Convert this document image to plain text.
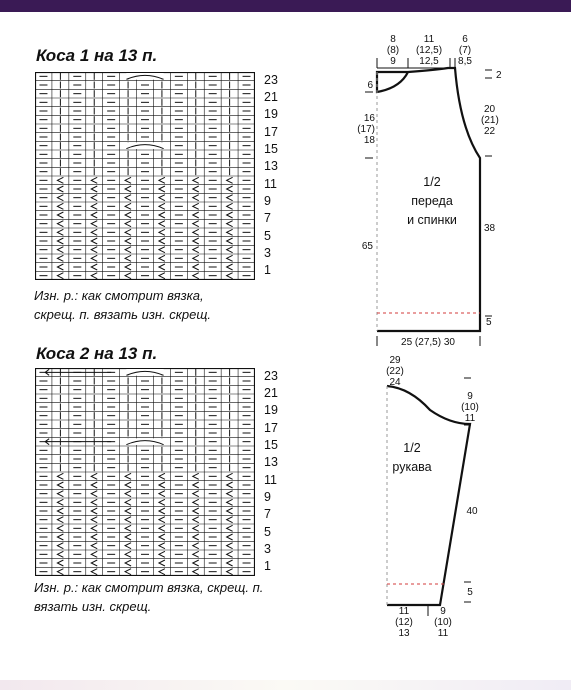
Коса 1 на 13 п.
23
21
19
17
15
13
11
9
7
5
3
1
Изн. р.: как смотрит вязка,
скрещ. п. вязать изн. скрещ.
Коса 2 на 13 п.
23
21
19
17
15
13
11
9
7
5
3
1
Изн. р.: как смотрит вязка, скрещ. п.
вязать изн. скрещ.
8
(8)
9
11
(12,5)
12,5
6
(7)
8,5
2
20
(21)
22
38
5
6
16
(17)
18
65
25 (27,5) 30
1/2
переда
и спинки
29
(22)
24
9
(10)
11
40
5
11
(12)
13
9
(10)
11
1/2
рукава
